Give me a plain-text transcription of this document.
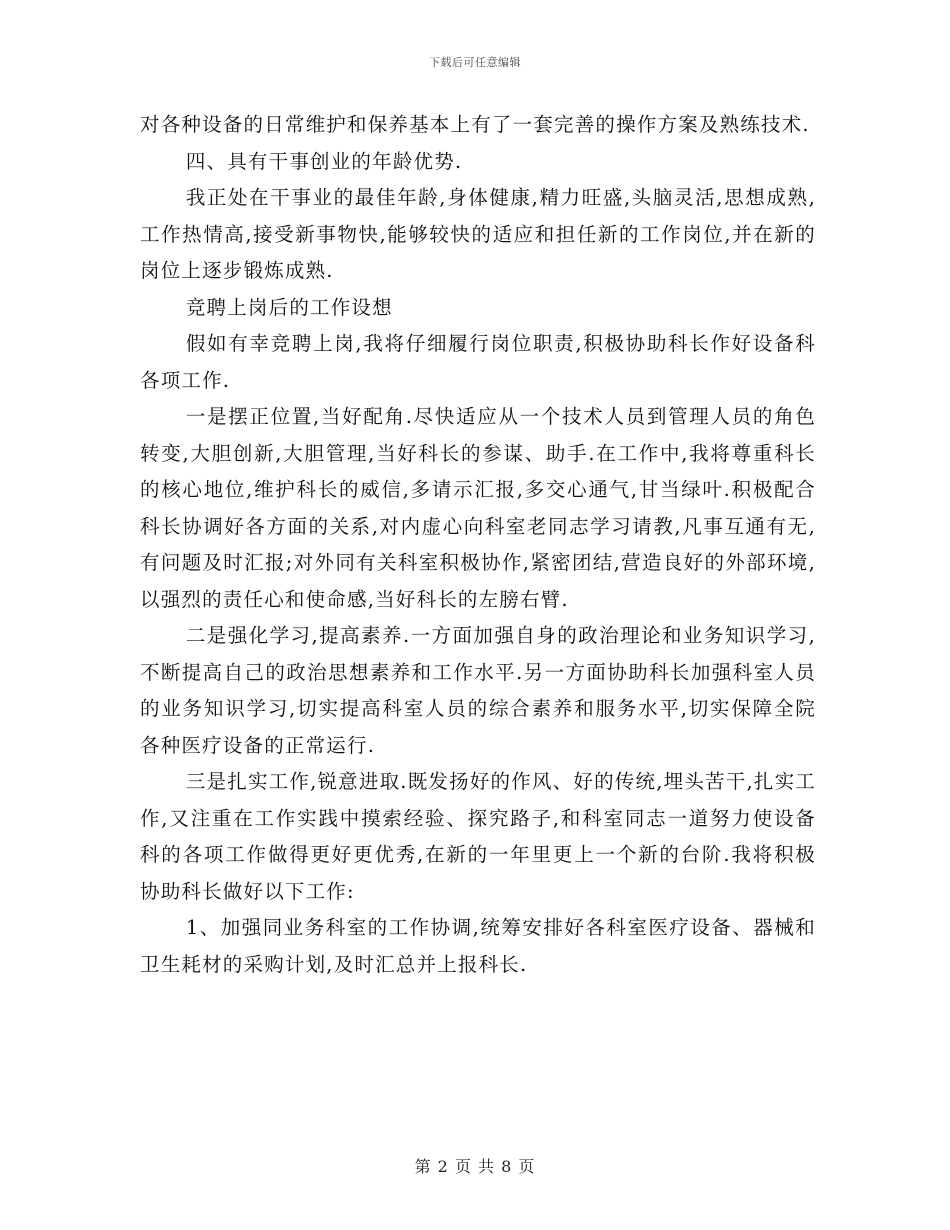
下载后可任意编辑

对各种设备的日常维护和保养基本上有了一套完善的操作方案及熟练技术.

四、具有干事创业的年龄优势.

我正处在干事业的最佳年龄,身体健康,精力旺盛,头脑灵活,思想成熟,工作热情高,接受新事物快,能够较快的适应和担任新的工作岗位,并在新的岗位上逐步锻炼成熟.

竞聘上岗后的工作设想

假如有幸竞聘上岗,我将仔细履行岗位职责,积极协助科长作好设备科各项工作.

一是摆正位置,当好配角.尽快适应从一个技术人员到管理人员的角色转变,大胆创新,大胆管理,当好科长的参谋、助手.在工作中,我将尊重科长的核心地位,维护科长的威信,多请示汇报,多交心通气,甘当绿叶.积极配合科长协调好各方面的关系,对内虚心向科室老同志学习请教,凡事互通有无,有问题及时汇报;对外同有关科室积极协作,紧密团结,营造良好的外部环境,以强烈的责任心和使命感,当好科长的左膀右臂.

二是强化学习,提高素养.一方面加强自身的政治理论和业务知识学习,不断提高自己的政治思想素养和工作水平.另一方面协助科长加强科室人员的业务知识学习,切实提高科室人员的综合素养和服务水平,切实保障全院各种医疗设备的正常运行.

三是扎实工作,锐意进取.既发扬好的作风、好的传统,埋头苦干,扎实工作,又注重在工作实践中摸索经验、探究路子,和科室同志一道努力使设备科的各项工作做得更好更优秀,在新的一年里更上一个新的台阶.我将积极协助科长做好以下工作:

1、加强同业务科室的工作协调,统筹安排好各科室医疗设备、器械和卫生耗材的采购计划,及时汇总并上报科长.

第 2 页 共 8 页
